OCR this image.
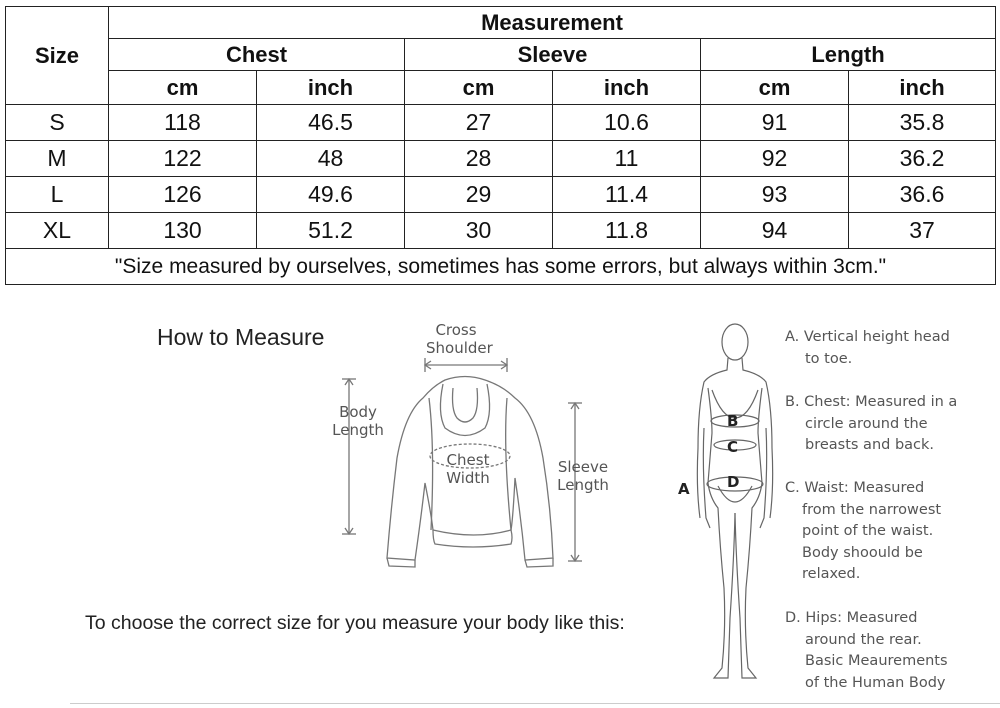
Size	Measurement					
	Chest		Sleeve		Length	
	cm	inch	cm	inch	cm	inch
S	118	46.5	27	10.6	91	35.8
M	122	48	28	11	92	36.2
L	126	49.6	29	11.4	93	36.6
XL	130	51.2	30	11.8	94	37
"Size measured by ourselves, sometimes has some errors, but always within 3cm."						
How to Measure
To choose the correct size for you measure your body like this:
Cross
Shoulder
Body
Length
Chest
Width
Sleeve
Length	A
B
C
D
A. Vertical height head

to toe.
B. Chest: Measured in a

circle around the
breasts and back.
C. Waist: Measured

from the narrowest
point of the waist.
Body shoould be
relaxed.
D. Hips: Measured

around the rear.
Basic Meaurements
of the Human Body
